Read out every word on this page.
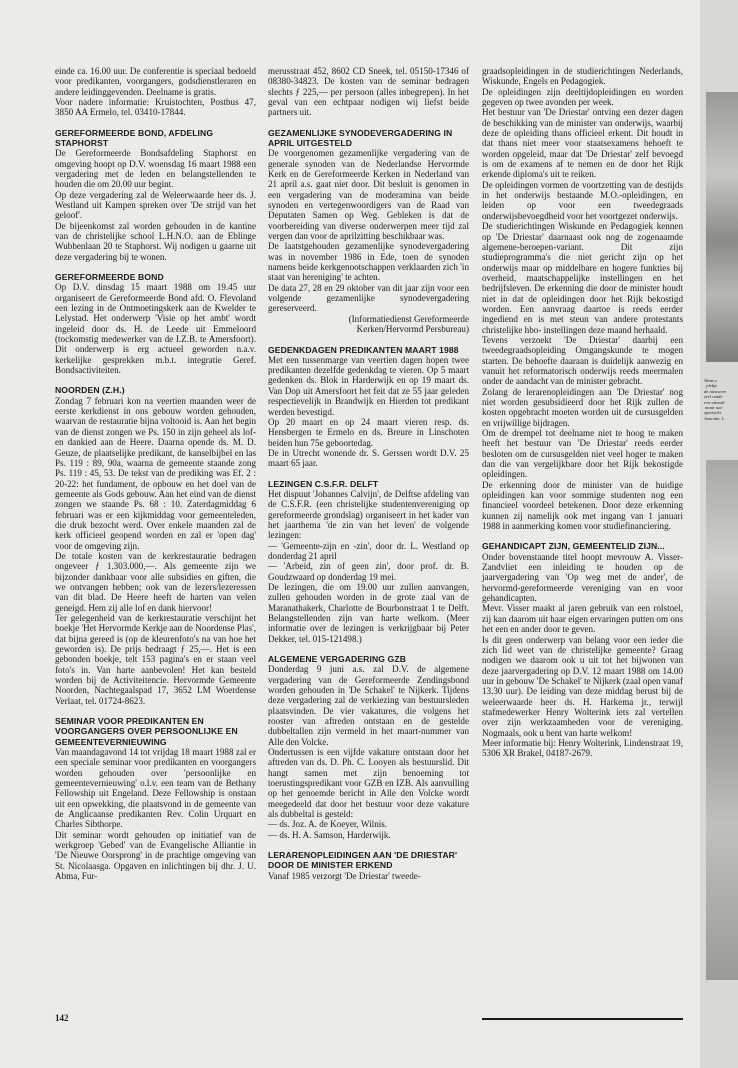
einde ca. 16.00 uur. De conferentie is speciaal bedoeld voor predikanten, voorgangers, godsdienstleraren en andere leidinggevenden. Deelname is gratis.

Voor nadere informatie: Kruistochten, Postbus 47, 3850 AA Ermelo, tel. 03410-17844.

GEREFORMEERDE BOND, AFDELING STAPHORST

De Gereformeerde Bondsafdeling Staphorst en omgeving hoopt op D.V. woensdag 16 maart 1988 een vergadering met de leden en belangstellenden te houden die om 20.00 uur begint.

Op deze vergadering zal de Weleerwaarde heer ds. J. Westland uit Kampen spreken over 'De strijd van het geloof'.

De bijeenkomst zal worden gehouden in de kantine van de christelijke school L.H.N.O. aan de Eblinge Wubbenlaan 20 te Staphorst. Wij nodigen u gaarne uit deze vergadering bij te wonen.

GEREFORMEERDE BOND

Op D.V. dinsdag 15 maart 1988 om 19.45 uur organiseert de Gereformeerde Bond afd. O. Flevoland een lezing in de Ontmoetingskerk aan de Kwelder te Lelystad. Het onderwerp 'Visie op het ambt' wordt ingeleid door ds. H. de Leede uit Emmeloord (tockomstig medewerker van de I.Z.B. te Amersfoort). Dit onderwerp is erg actueel geworden n.a.v. kerkelijke gesprekken m.b.t. integratie Geref. Bondsactiviteiten.

NOORDEN (Z.H.)

Zondag 7 februari kon na veertien maanden weer de eerste kerkdienst in ons gebouw worden gehouden, waarvan de restauratie bijna voltooid is. Aan het begin van de dienst zongen we Ps. 150 in zijn geheel als lof- en dankied aan de Heere. Daarna opende ds. M. D. Geuze, de plaatselijke predikant, de kanselbijbel en las Ps. 119 : 89, 90a, waarna de gemeente staande zong Ps. 119 : 45, 53. De tekst van de prediking was Ef. 2 : 20-22: het fundament, de opbouw en het doel van de gemeente als Gods gebouw. Aan het eind van de dienst zongen we staande Ps. 68 : 10. Zaterdagmiddag 6 februari was er een kijkmiddag voor gemeenteleden, die druk bezocht werd. Over enkele maanden zal de kerk officieel geopend worden en zal er 'open dag' voor de omgeving zijn.

De totale kosten van de kerkrestauratie bedragen ongeveer ƒ 1.303.000,—. Als gemeente zijn we bijzonder dankbaar voor alle subsidies en giften, die we ontvangen hebben; ook van de lezers/lezeressen van dit blad. De Heere heeft de harten van velen geneigd. Hem zij alle lof en dank hiervoor!

Ter gelegenheid van de kerkrestauratie verschijnt het boekje 'Het Hervormde Kerkje aan de Noordense Plas', dat bijna gereed is (op de kleurenfoto's na van hoe het geworden is). De prijs bedraagt ƒ 25,—. Het is een gebonden boekje, telt 153 pagina's en er staan veel foto's in. Van harte aanbevolen! Het kan besteld worden bij de Activiteitencie. Hervormde Gemeente Noorden, Nachtegaalspad 17, 3652 LM Woerdense Verlaat, tel. 01724-8623.

SEMINAR VOOR PREDIKANTEN EN VOORGANGERS OVER PERSOONLIJKE EN GEMEENTEVERNIEUWING

Van maandagavond 14 tot vrijdag 18 maart 1988 zal er een speciale seminar voor predikanten en voorgangers worden gehouden over 'persoonlijke en gemeentevernieuwing' o.l.v. een team van de Bethany Fellowship uit Engeland. Deze Fellowship is onstaan uit een opwekking, die plaatsvond in de gemeente van de Anglicaanse predikanten Rev. Colin Urquart en Charles Sibthorpe.

Dit seminar wordt gehouden op initiatief van de werkgroep 'Gebed' van de Evangelische Alliantie in 'De Nieuwe Oorsprong' in de prachtige omgeving van St. Nicolaasga. Opgaven en inlichtingen bij dhr. J. U. Abma, Fur-

merusstraat 452, 8602 CD Sneek, tel. 05150-17346 of 08380-34823. De kosten van de seminar bedragen slechts ƒ 225,— per persoon (alles inbegrepen). In het geval van een echtpaar nodigen wij liefst beide partners uit.

GEZAMENLIJKE SYNODEVERGADERING IN APRIL UITGESTELD

De voorgenomen gezamenlijke vergadering van de generale synoden van de Nederlandse Hervormde Kerk en de Gereformeerde Kerken in Nederland van 21 april a.s. gaat niet door. Dit besluit is genomen in een vergadering van de moderamina van beide synoden en vertegenwoordigers van de Raad van Deputaten Samen op Weg. Gebleken is dat de voorbereiding van diverse onderwerpen meer tijd zal vergen dan voor de aprilzitting beschikbaar was.

De laatstgehouden gezamenlijke synodevergadering was in november 1986 in Ede, toen de synoden namens beide kerkgenootschappen verklaarden zich 'in staat van hereniging' te achten.

De data 27, 28 en 29 oktober van dit jaar zijn voor een volgende gezamenlijke synodevergadering gereserveerd.

(Informatiedienst Gereformeerde

Kerken/Hervormd Persbureau)

GEDENKDAGEN PREDIKANTEN MAART 1988

Met een tussenmarge van veertien dagen hopen twee predikanten dezelfde gedenkdag te vieren. Op 5 maart gedenken ds. Blok in Harderwijk en op 19 maart ds. Van Dop uit Amersfoort het feit dat ze 55 jaar geleden respectievelijk in Brandwijk en Hierden tot predikant werden bevestigd.

Op 20 maart en op 24 maart vieren resp. ds. Hensbergen te Ermelo en ds. Breure in Linschoten beiden hun 75e geboortedag.

De in Utrecht wonende dr. S. Gerssen wordt D.V. 25 maart 65 jaar.

LEZINGEN C.S.F.R. DELFT

Het dispuut 'Johannes Calvijn', de Delftse afdeling van de C.S.F.R. (een christelijke studentenvereniging op gereformeerde grondslag) organiseert in het kader van het jaarthema 'de zin van het leven' de volgende lezingen:

— 'Gemeente-zijn en -zin', door dr. L. Westland op donderdag 21 april

— 'Arbeid, zin of geen zin', door prof. dr. B. Goudzwaard op donderdag 19 mei.

De lezingen, die om 19.00 uur zullen aanvangen, zullen gehouden worden in de grote zaal van de Maranathakerk, Charlotte de Bourbonstraat 1 te Delft. Belangstellenden zijn van harte welkom. (Meer informatie over de lezingen is verkrijgbaar bij Peter Dekker, tel. 015-121498.)

ALGEMENE VERGADERING GZB

Donderdag 9 juni a.s. zal D.V. de algemene vergadering van de Gereformeerde Zendingsbond worden gehouden in 'De Schakel' te Nijkerk. Tijdens deze vergadering zal de verkiezing van bestuursleden plaatsvinden. De vier vakatures, die volgens het rooster van aftreden ontstaan en de gestelde dubbeltallen zijn vermeld in het maart-nummer van Alle den Volcke.

Ondertussen is een vijfde vakature ontstaan door het aftreden van ds. D. Ph. C. Looyen als bestuurslid. Dit hangt samen met zijn benoeming tot toerustingspredikant voor GZB en IZB. Als aanvulling op het genoemde bericht in Alle den Volcke wordt meegedeeld dat door het bestuur voor deze vakature als dubbeltal is gesteld:

— ds. Joz. A. de Koeyer, Wilnis.

— ds. H. A. Samson, Harderwijk.

LERARENOPLEIDINGEN AAN 'DE DRIESTAR' DOOR DE MINISTER ERKEND

Vanaf 1985 verzorgt 'De Driestar' tweede-

graadsopleidingen in de studierichtingen Nederlands, Wiskunde, Engels en Pedagogiek.

De opleidingen zijn deeltijdopleidingen en worden gegeven op twee avonden per week.

Het bestuur van 'De Driestar' ontving een dezer dagen de beschikking van de minister van onderwijs, waarbij deze de opleiding thans officieel erkent. Dit houdt in dat thans niet meer voor staatsexamens behoeft te worden opgeleid, maar dat 'De Driestar' zelf bevoegd is om de examens af te nemen en de door het Rijk erkende diploma's uit te reiken.

De opleidingen vormen de voortzetting van de destijds in het onderwijs bestaande M.O.-opleidingen, en leiden op voor een tweedegraads onderwijsbevoegdheid voor het voortgezet onderwijs.

De studierichtingen Wiskunde en Pedagogiek kennen op 'De Driestar' daarnaast ook nog de zogenaamde algemene-beroepen-variant. Dit zijn studieprogramma's die niet gericht zijn op het onderwijs maar op middelbare en hogere funkties bij overheid, maatschappelijke instellingen en het bedrijfsleven. De erkenning die door de minister houdt niet in dat de opleidingen door het Rijk bekostigd worden. Een aanvraag daartoe is reeds eerder ingediend en is met steun van andere protestants christelijke hbo- instellingen deze maand herhaald.

Tevens verzoekt 'De Driestar' daarbij een tweedegraadsopleiding Omgangskunde te mogen starten. De behoefte daaraan is duidelijk aanwezig en vanuit het reformatorisch onderwijs reeds meermalen onder de aandacht van de minister gebracht.

Zolang de lerarenopleidingen aan 'De Driestar' nog niet worden gesubsidieerd door het Rijk zullen de kosten opgebracht moeten worden uit de cursusgelden en vrijwillige bijdragen.

Om de drempel tot deelname niet te hoog te maken heeft het bestuur van 'De Driestar' reeds eerder besloten om de cursusgelden niet veel hoger te maken dan die van vergelijkbare door het Rijk bekostigde opleidingen.

De erkenning door de minister van de huidige opleidingen kan voor sommige studenten nog een financieel voordeel betekenen. Door deze erkenning kunnen zij namelijk ook met ingang van 1 januari 1988 in aanmerking komen voor studiefinanciering.

GEHANDICAPT ZIJN, GEMEENTELID ZIJN...

Onder bovenstaande titel hoopt mevrouw A. Visser-Zandvliet een inleiding te houden op de jaarvergadering van 'Op weg met de ander', de hervormd-gereformeerde vereniging van en voor gehandicapten.

Mevr. Visser maakt al jaren gebruik van een rolstoel, zij kan daarom uit haar eigen ervaringen putten om ons het een en ander door te geven.

Is dit geen onderwerp van belang voor een ieder die zich lid weet van de christelijke gemeente? Graag nodigen we daarom ook u uit tot het bijwonen van deze jaarvergadering op D.V. 12 maart 1988 om 14.00 uur in gebouw 'De Schakel' te Nijkerk (zaal open vanaf 13.30 uur). De leiding van deze middag berust bij de weleerwaarde heer ds. H. Harkema jr., terwijl stafmedewerker Henry Wolterink iets zal vertellen over zijn werkzaamheden voor de vereniging. Nogmaals, ook u bent van harte welkom!

Meer informatie bij: Henry Wolterink, Lindenstraat 19, 5306 XR Brakel, 04187-2679.

142
Want u
plekje
de nieuwere
zeel ontde
een uitnodi
maar nat
sportschr
Amicitia. L
